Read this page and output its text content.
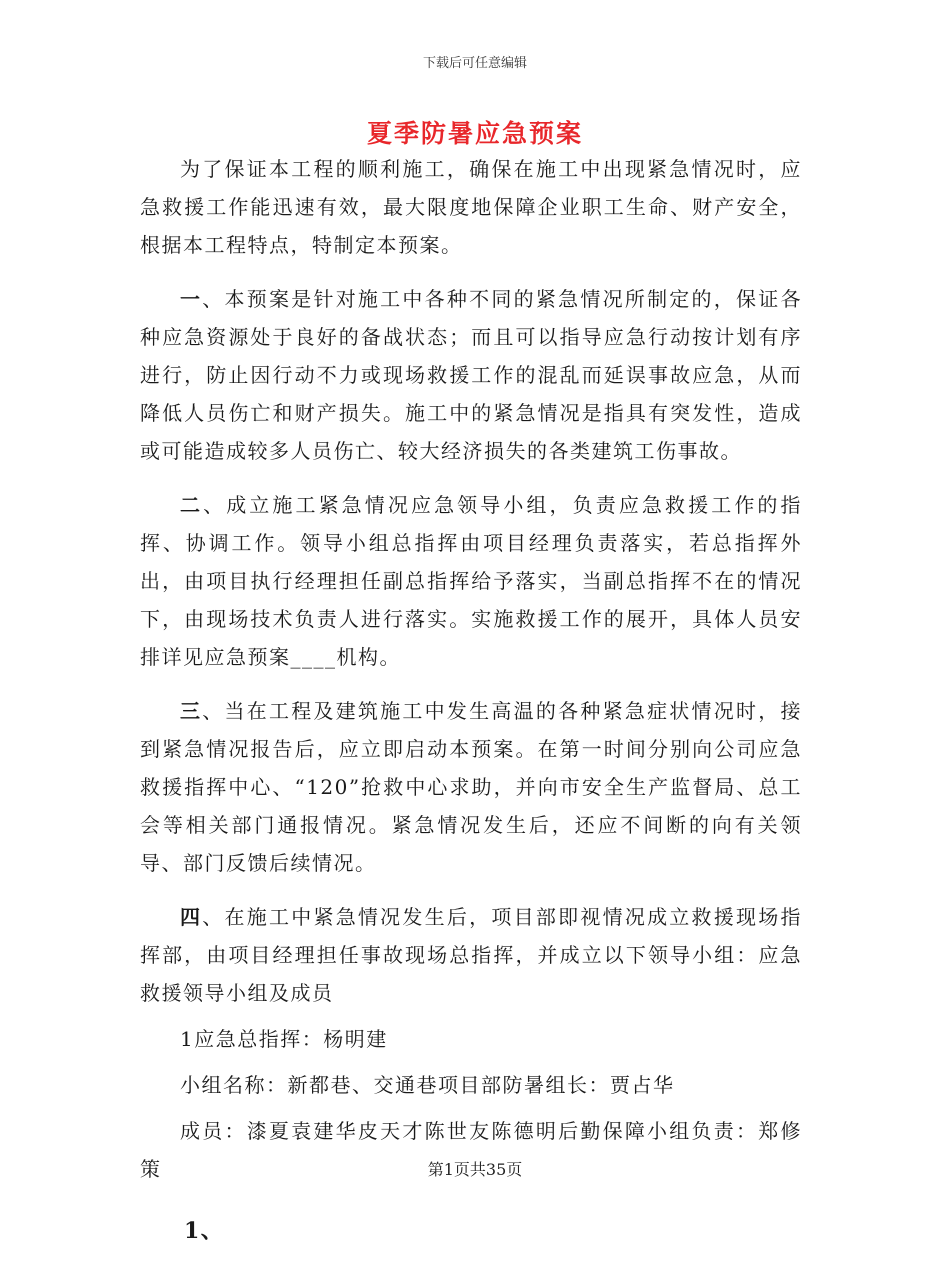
下载后可任意编辑
夏季防暑应急预案

为了保证本工程的顺利施工，确保在施工中出现紧急情况时，应急救援工作能迅速有效，最大限度地保障企业职工生命、财产安全，根据本工程特点，特制定本预案。

一、本预案是针对施工中各种不同的紧急情况所制定的，保证各种应急资源处于良好的备战状态；而且可以指导应急行动按计划有序进行，防止因行动不力或现场救援工作的混乱而延误事故应急，从而降低人员伤亡和财产损失。施工中的紧急情况是指具有突发性，造成或可能造成较多人员伤亡、较大经济损失的各类建筑工伤事故。

二、成立施工紧急情况应急领导小组，负责应急救援工作的指挥、协调工作。领导小组总指挥由项目经理负责落实，若总指挥外出，由项目执行经理担任副总指挥给予落实，当副总指挥不在的情况下，由现场技术负责人进行落实。实施救援工作的展开，具体人员安排详见应急预案____机构。

三、当在工程及建筑施工中发生高温的各种紧急症状情况时，接到紧急情况报告后，应立即启动本预案。在第一时间分别向公司应急救援指挥中心、“120”抢救中心求助，并向市安全生产监督局、总工会等相关部门通报情况。紧急情况发生后，还应不间断的向有关领导、部门反馈后续情况。

四、在施工中紧急情况发生后，项目部即视情况成立救援现场指挥部，由项目经理担任事故现场总指挥，并成立以下领导小组：应急救援领导小组及成员

1应急总指挥：杨明建

小组名称：新都巷、交通巷项目部防暑组长：贾占华

成员：漆夏袁建华皮天才陈世友陈德明后勤保障小组负责：郑修策

1、

第1页共35页
